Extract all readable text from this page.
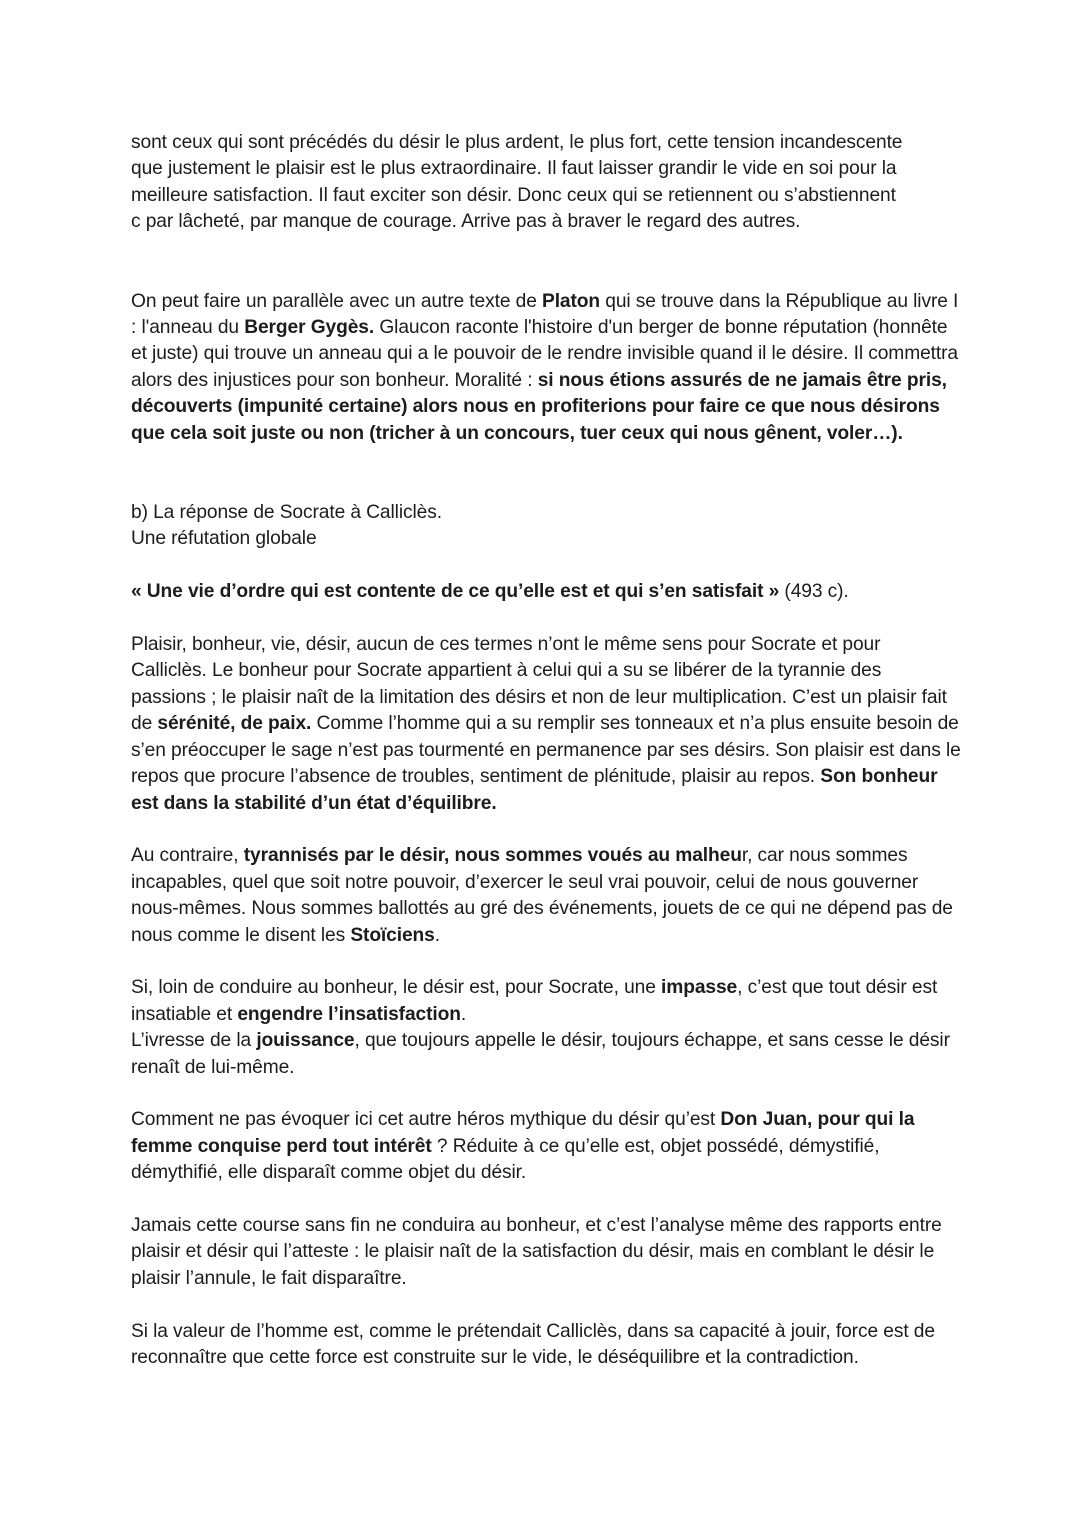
sont ceux qui sont précédés du désir le plus ardent, le plus fort, cette tension incandescente
que justement le plaisir est le plus extraordinaire. Il faut laisser grandir le vide en soi pour la
meilleure satisfaction. Il faut exciter son désir. Donc ceux qui se retiennent ou s’abstiennent
c par lâcheté, par manque de courage. Arrive pas à braver le regard des autres.

On peut faire un parallèle avec un autre texte de Platon qui se trouve dans la République au livre I : l'anneau du Berger Gygès. Glaucon raconte l'histoire d'un berger de bonne réputation (honnête et juste) qui trouve un anneau qui a le pouvoir de le rendre invisible quand il le désire. Il commettra alors des injustices pour son bonheur. Moralité : si nous étions assurés de ne jamais être pris, découverts (impunité certaine) alors nous en profiterions pour faire ce que nous désirons que cela soit juste ou non (tricher à un concours, tuer ceux qui nous gênent, voler…).

b) La réponse de Socrate à Calliclès.
Une réfutation globale

« Une vie d’ordre qui est contente de ce qu’elle est et qui s’en satisfait » (493 c).

Plaisir, bonheur, vie, désir, aucun de ces termes n’ont le même sens pour Socrate et pour Calliclès. Le bonheur pour Socrate appartient à celui qui a su se libérer de la tyrannie des passions ; le plaisir naît de la limitation des désirs et non de leur multiplication. C’est un plaisir fait de sérénité, de paix. Comme l’homme qui a su remplir ses tonneaux et n’a plus ensuite besoin de s’en préoccuper le sage n’est pas tourmenté en permanence par ses désirs. Son plaisir est dans le repos que procure l’absence de troubles, sentiment de plénitude, plaisir au repos. Son bonheur est dans la stabilité d’un état d’équilibre.

Au contraire, tyrannisés par le désir, nous sommes voués au malheur, car nous sommes incapables, quel que soit notre pouvoir, d’exercer le seul vrai pouvoir, celui de nous gouverner nous-mêmes. Nous sommes ballottés au gré des événements, jouets de ce qui ne dépend pas de nous comme le disent les Stoïciens.

Si, loin de conduire au bonheur, le désir est, pour Socrate, une impasse, c’est que tout désir est insatiable et engendre l’insatisfaction.
L’ivresse de la jouissance, que toujours appelle le désir, toujours échappe, et sans cesse le désir renaît de lui-même.

Comment ne pas évoquer ici cet autre héros mythique du désir qu’est Don Juan, pour qui la femme conquise perd tout intérêt ? Réduite à ce qu’elle est, objet possédé, démystifié, démythifié, elle disparaît comme objet du désir.

Jamais cette course sans fin ne conduira au bonheur, et c’est l’analyse même des rapports entre plaisir et désir qui l’atteste : le plaisir naît de la satisfaction du désir, mais en comblant le désir le plaisir l’annule, le fait disparaître.

Si la valeur de l’homme est, comme le prétendait Calliclès, dans sa capacité à jouir, force est de reconnaître que cette force est construite sur le vide, le déséquilibre et la contradiction.
